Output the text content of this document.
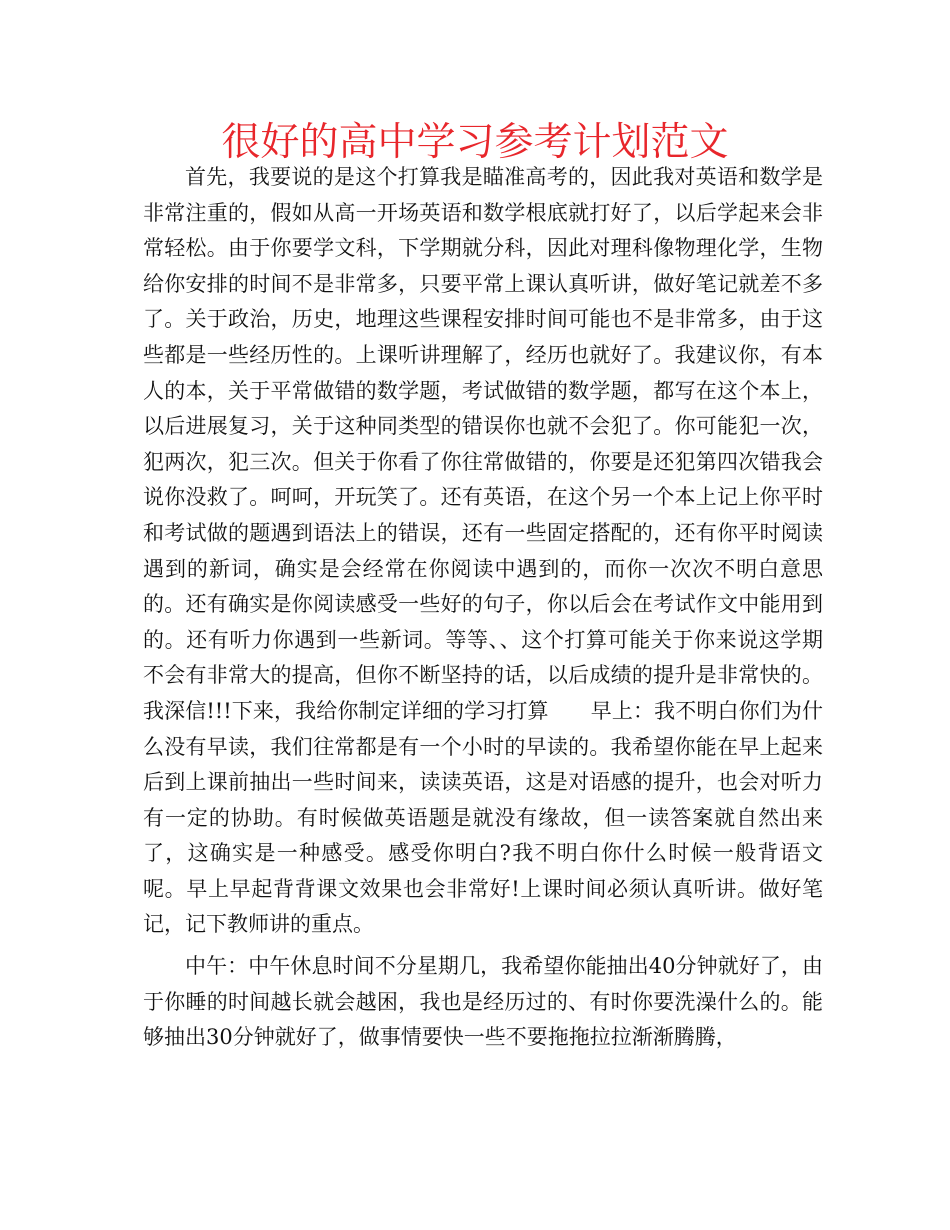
很好的高中学习参考计划范文

首先，我要说的是这个打算我是瞄准高考的，因此我对英语和数学是非常注重的，假如从高一开场英语和数学根底就打好了，以后学起来会非常轻松。由于你要学文科，下学期就分科，因此对理科像物理化学，生物给你安排的时间不是非常多，只要平常上课认真听讲，做好笔记就差不多了。关于政治，历史，地理这些课程安排时间可能也不是非常多，由于这些都是一些经历性的。上课听讲理解了，经历也就好了。我建议你，有本人的本，关于平常做错的数学题，考试做错的数学题，都写在这个本上，以后进展复习，关于这种同类型的错误你也就不会犯了。你可能犯一次，犯两次，犯三次。但关于你看了你往常做错的，你要是还犯第四次错我会说你没救了。呵呵，开玩笑了。还有英语，在这个另一个本上记上你平时和考试做的题遇到语法上的错误，还有一些固定搭配的，还有你平时阅读遇到的新词，确实是会经常在你阅读中遇到的，而你一次次不明白意思的。还有确实是你阅读感受一些好的句子，你以后会在考试作文中能用到的。还有听力你遇到一些新词。等等、、这个打算可能关于你来说这学期不会有非常大的提高，但你不断坚持的话，以后成绩的提升是非常快的。我深信!!!下来，我给你制定详细的学习打算　　早上：我不明白你们为什么没有早读，我们往常都是有一个小时的早读的。我希望你能在早上起来后到上课前抽出一些时间来，读读英语，这是对语感的提升，也会对听力有一定的协助。有时候做英语题是就没有缘故，但一读答案就自然出来了，这确实是一种感受。感受你明白?我不明白你什么时候一般背语文呢。早上早起背背课文效果也会非常好!上课时间必须认真听讲。做好笔记，记下教师讲的重点。

中午：中午休息时间不分星期几，我希望你能抽出40分钟就好了，由于你睡的时间越长就会越困，我也是经历过的、有时你要洗澡什么的。能够抽出30分钟就好了，做事情要快一些不要拖拖拉拉渐渐腾腾，
